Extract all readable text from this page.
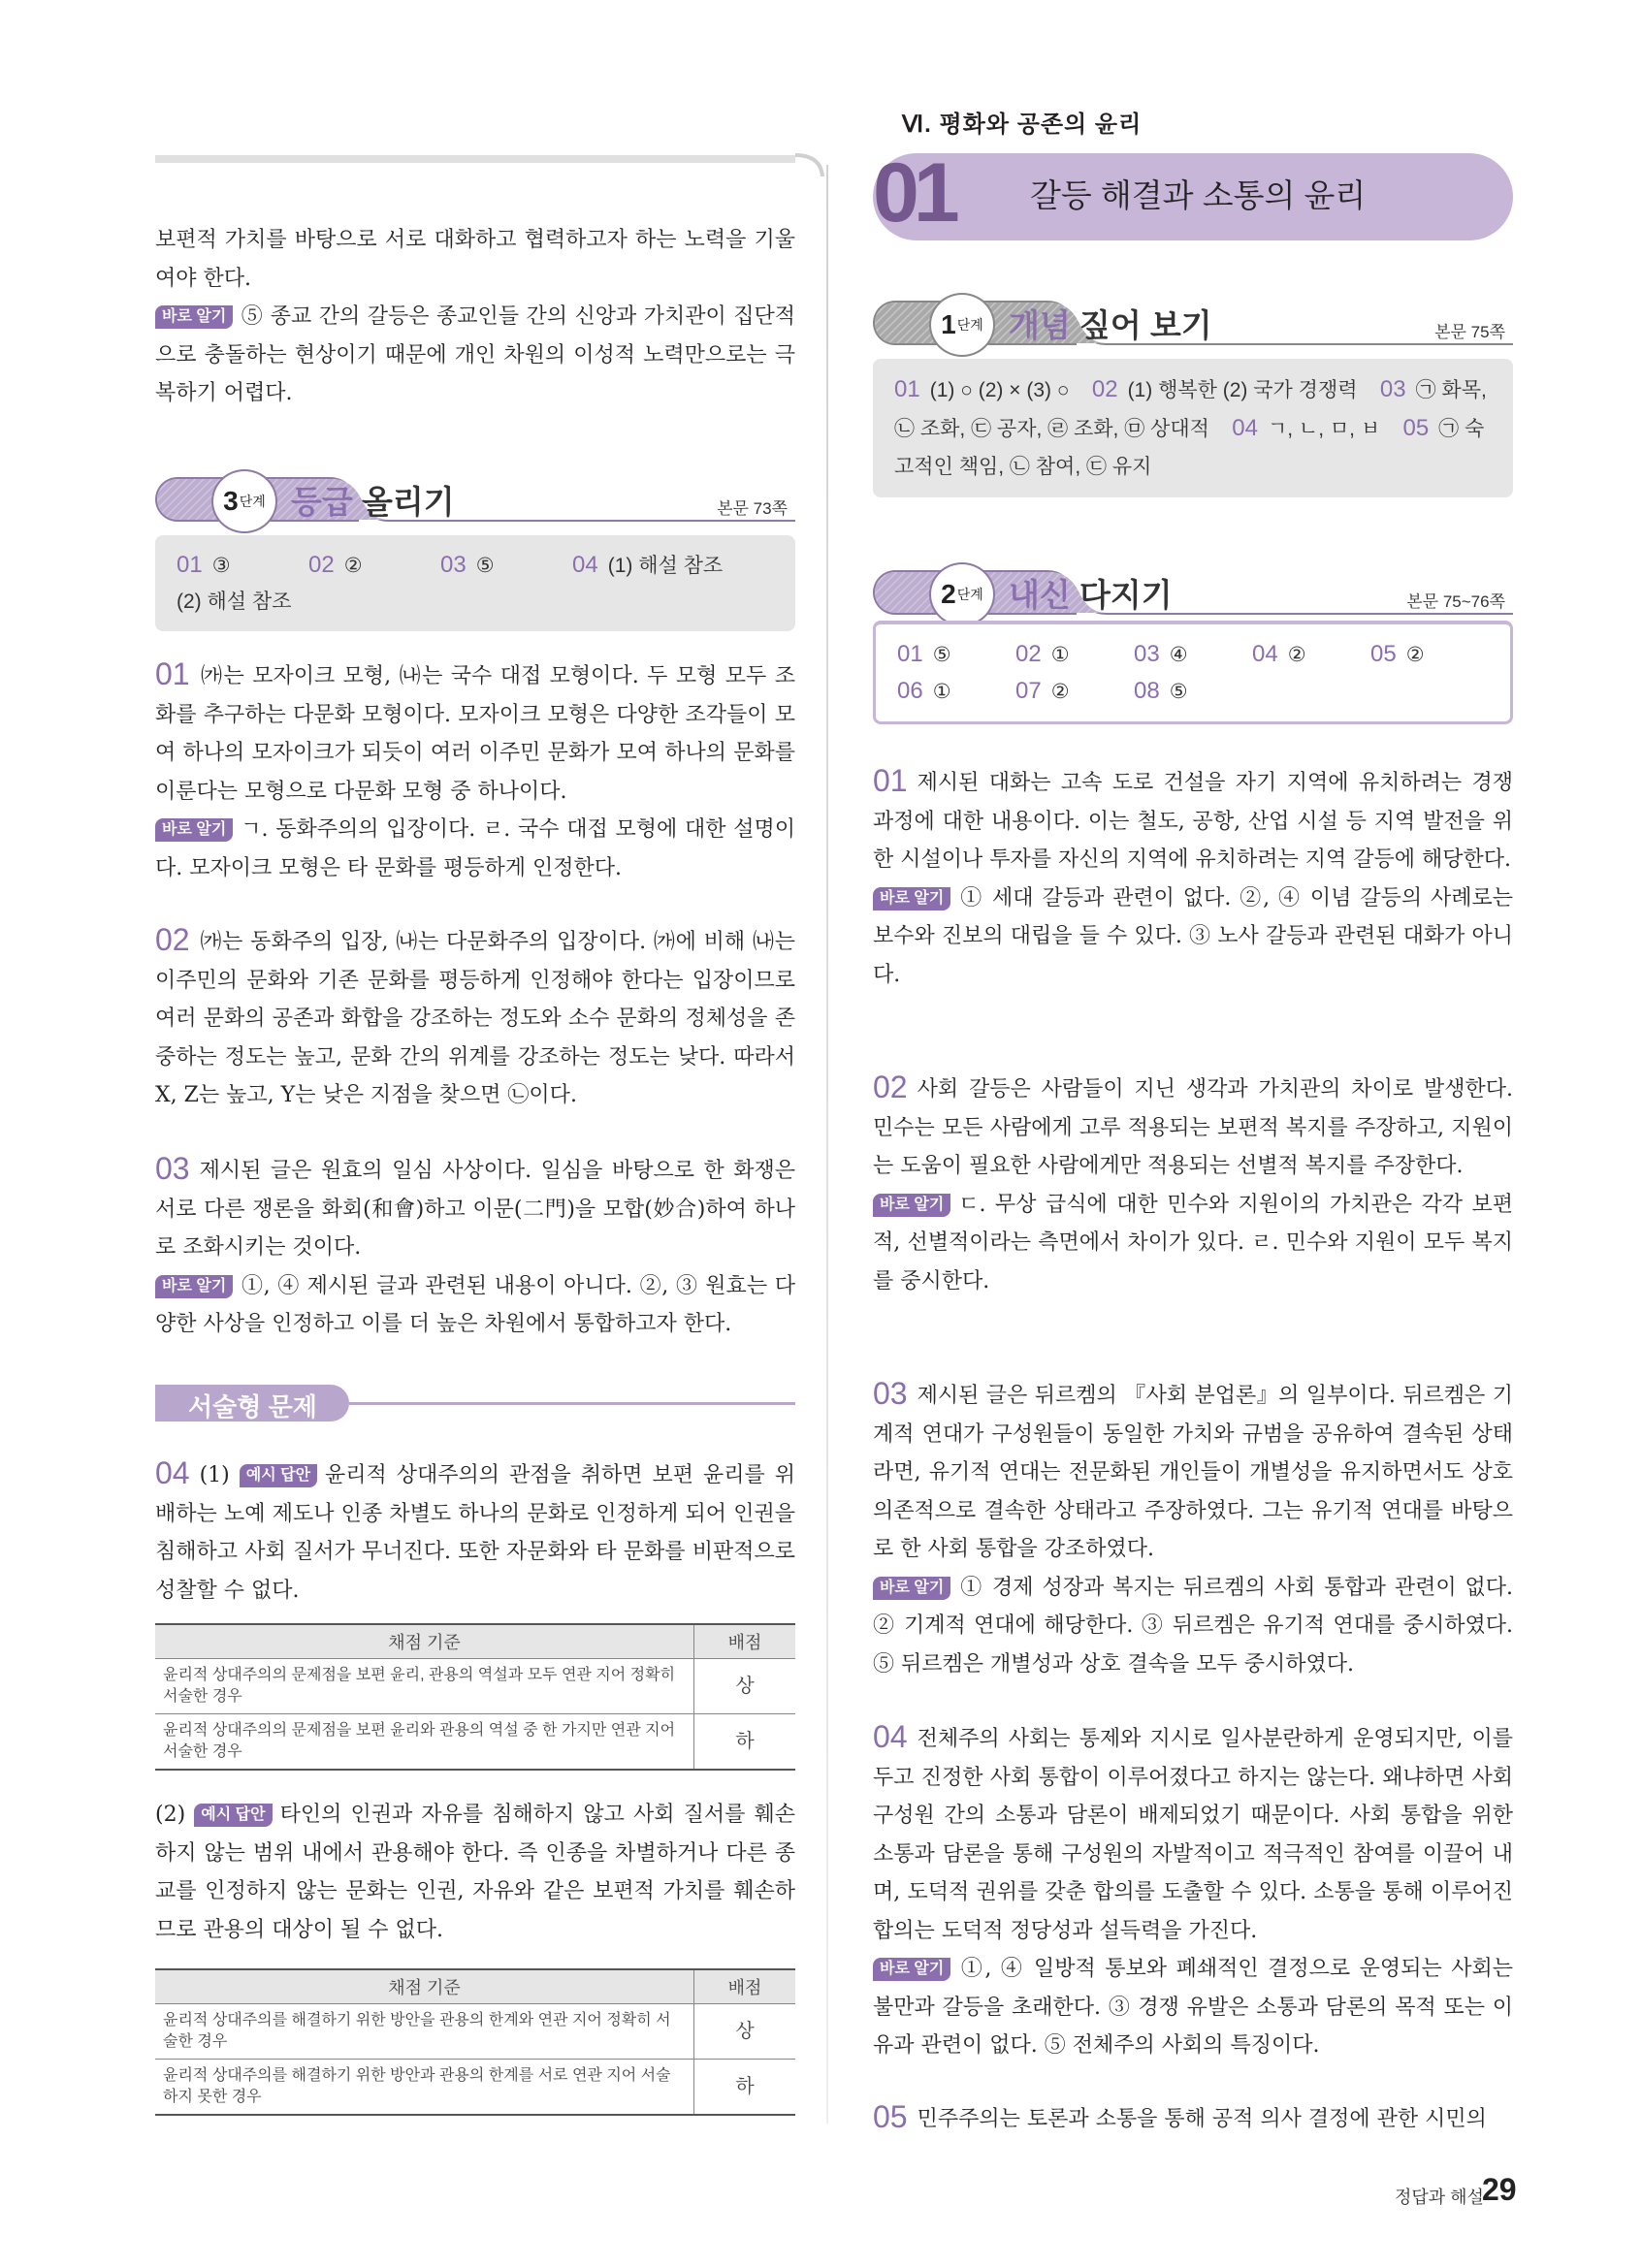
Ⅵ. 평화와 공존의 윤리
01 갈등 해결과 소통의 윤리
보편적 가치를 바탕으로 서로 대화하고 협력하고자 하는 노력을 기울여야 한다.
바로 알기 ⑤ 종교 간의 갈등은 종교인들 간의 신앙과 가치관이 집단적으로 충돌하는 현상이기 때문에 개인 차원의 이성적 노력만으로는 극복하기 어렵다.
3 단계 등급 올리기	본문 73쪽
01 ③	02 ②	03 ⑤	04 (1) 해설 참조
(2) 해설 참조
01 ㈎는 모자이크 모형, ㈏는 국수 대접 모형이다. 두 모형 모두 조화를 추구하는 다문화 모형이다. 모자이크 모형은 다양한 조각들이 모여 하나의 모자이크가 되듯이 여러 이주민 문화가 모여 하나의 문화를 이룬다는 모형으로 다문화 모형 중 하나이다.
바로 알기 ㄱ. 동화주의의 입장이다. ㄹ. 국수 대접 모형에 대한 설명이다. 모자이크 모형은 타 문화를 평등하게 인정한다.
02 ㈎는 동화주의 입장, ㈏는 다문화주의 입장이다. ㈎에 비해 ㈏는 이주민의 문화와 기존 문화를 평등하게 인정해야 한다는 입장이므로 여러 문화의 공존과 화합을 강조하는 정도와 소수 문화의 정체성을 존중하는 정도는 높고, 문화 간의 위계를 강조하는 정도는 낮다. 따라서 X, Z는 높고, Y는 낮은 지점을 찾으면 ㉡이다.
03 제시된 글은 원효의 일심 사상이다. 일심을 바탕으로 한 화쟁은 서로 다른 쟁론을 화회(和會)하고 이문(二門)을 모합(妙合)하여 하나로 조화시키는 것이다.
바로 알기 ①, ④ 제시된 글과 관련된 내용이 아니다. ②, ③ 원효는 다양한 사상을 인정하고 이를 더 높은 차원에서 통합하고자 한다.
서술형 문제
04 (1) 예시 답안 윤리적 상대주의의 관점을 취하면 보편 윤리를 위배하는 노예 제도나 인종 차별도 하나의 문화로 인정하게 되어 인권을 침해하고 사회 질서가 무너진다. 또한 자문화와 타 문화를 비판적으로 성찰할 수 없다.
채점 기준	배점
윤리적 상대주의의 문제점을 보편 윤리, 관용의 역설과 모두 연관 지어 정확히 서술한 경우	상
윤리적 상대주의의 문제점을 보편 윤리와 관용의 역설 중 한 가지만 연관 지어 서술한 경우	하
(2) 예시 답안 타인의 인권과 자유를 침해하지 않고 사회 질서를 훼손하지 않는 범위 내에서 관용해야 한다. 즉 인종을 차별하거나 다른 종교를 인정하지 않는 문화는 인권, 자유와 같은 보편적 가치를 훼손하므로 관용의 대상이 될 수 없다.
채점 기준	배점
윤리적 상대주의를 해결하기 위한 방안을 관용의 한계와 연관 지어 정확히 서술한 경우	상
윤리적 상대주의를 해결하기 위한 방안과 관용의 한계를 서로 연관 지어 서술하지 못한 경우	하
1 단계 개념 짚어 보기	본문 75쪽
01 (1) ○ (2) × (3) ○ 02 (1) 행복한 (2) 국가 경쟁력 03 ㉠ 화목, ㉡ 조화, ㉢ 공자, ㉣ 조화, ㉤ 상대적 04 ㄱ, ㄴ, ㅁ, ㅂ 05 ㉠ 숙고적인 책임, ㉡ 참여, ㉢ 유지
2 단계 내신 다지기	본문 75~76쪽
01 ⑤	02 ①	03 ④	04 ②	05 ②
06 ①	07 ②	08 ⑤
01 제시된 대화는 고속 도로 건설을 자기 지역에 유치하려는 경쟁 과정에 대한 내용이다. 이는 철도, 공항, 산업 시설 등 지역 발전을 위한 시설이나 투자를 자신의 지역에 유치하려는 지역 갈등에 해당한다.
바로 알기 ① 세대 갈등과 관련이 없다. ②, ④ 이념 갈등의 사례로는 보수와 진보의 대립을 들 수 있다. ③ 노사 갈등과 관련된 대화가 아니다.
02 사회 갈등은 사람들이 지닌 생각과 가치관의 차이로 발생한다. 민수는 모든 사람에게 고루 적용되는 보편적 복지를 주장하고, 지원이는 도움이 필요한 사람에게만 적용되는 선별적 복지를 주장한다.
바로 알기 ㄷ. 무상 급식에 대한 민수와 지원이의 가치관은 각각 보편적, 선별적이라는 측면에서 차이가 있다. ㄹ. 민수와 지원이 모두 복지를 중시한다.
03 제시된 글은 뒤르켐의 『사회 분업론』의 일부이다. 뒤르켐은 기계적 연대가 구성원들이 동일한 가치와 규범을 공유하여 결속된 상태라면, 유기적 연대는 전문화된 개인들이 개별성을 유지하면서도 상호 의존적으로 결속한 상태라고 주장하였다. 그는 유기적 연대를 바탕으로 한 사회 통합을 강조하였다.
바로 알기 ① 경제 성장과 복지는 뒤르켐의 사회 통합과 관련이 없다. ② 기계적 연대에 해당한다. ③ 뒤르켐은 유기적 연대를 중시하였다. ⑤ 뒤르켐은 개별성과 상호 결속을 모두 중시하였다.
04 전체주의 사회는 통제와 지시로 일사분란하게 운영되지만, 이를 두고 진정한 사회 통합이 이루어졌다고 하지는 않는다. 왜냐하면 사회 구성원 간의 소통과 담론이 배제되었기 때문이다. 사회 통합을 위한 소통과 담론을 통해 구성원의 자발적이고 적극적인 참여를 이끌어 내며, 도덕적 권위를 갖춘 합의를 도출할 수 있다. 소통을 통해 이루어진 합의는 도덕적 정당성과 설득력을 가진다.
바로 알기 ①, ④ 일방적 통보와 폐쇄적인 결정으로 운영되는 사회는 불만과 갈등을 초래한다. ③ 경쟁 유발은 소통과 담론의 목적 또는 이유과 관련이 없다. ⑤ 전체주의 사회의 특징이다.
05 민주주의는 토론과 소통을 통해 공적 의사 결정에 관한 시민의
정답과 해설
29
